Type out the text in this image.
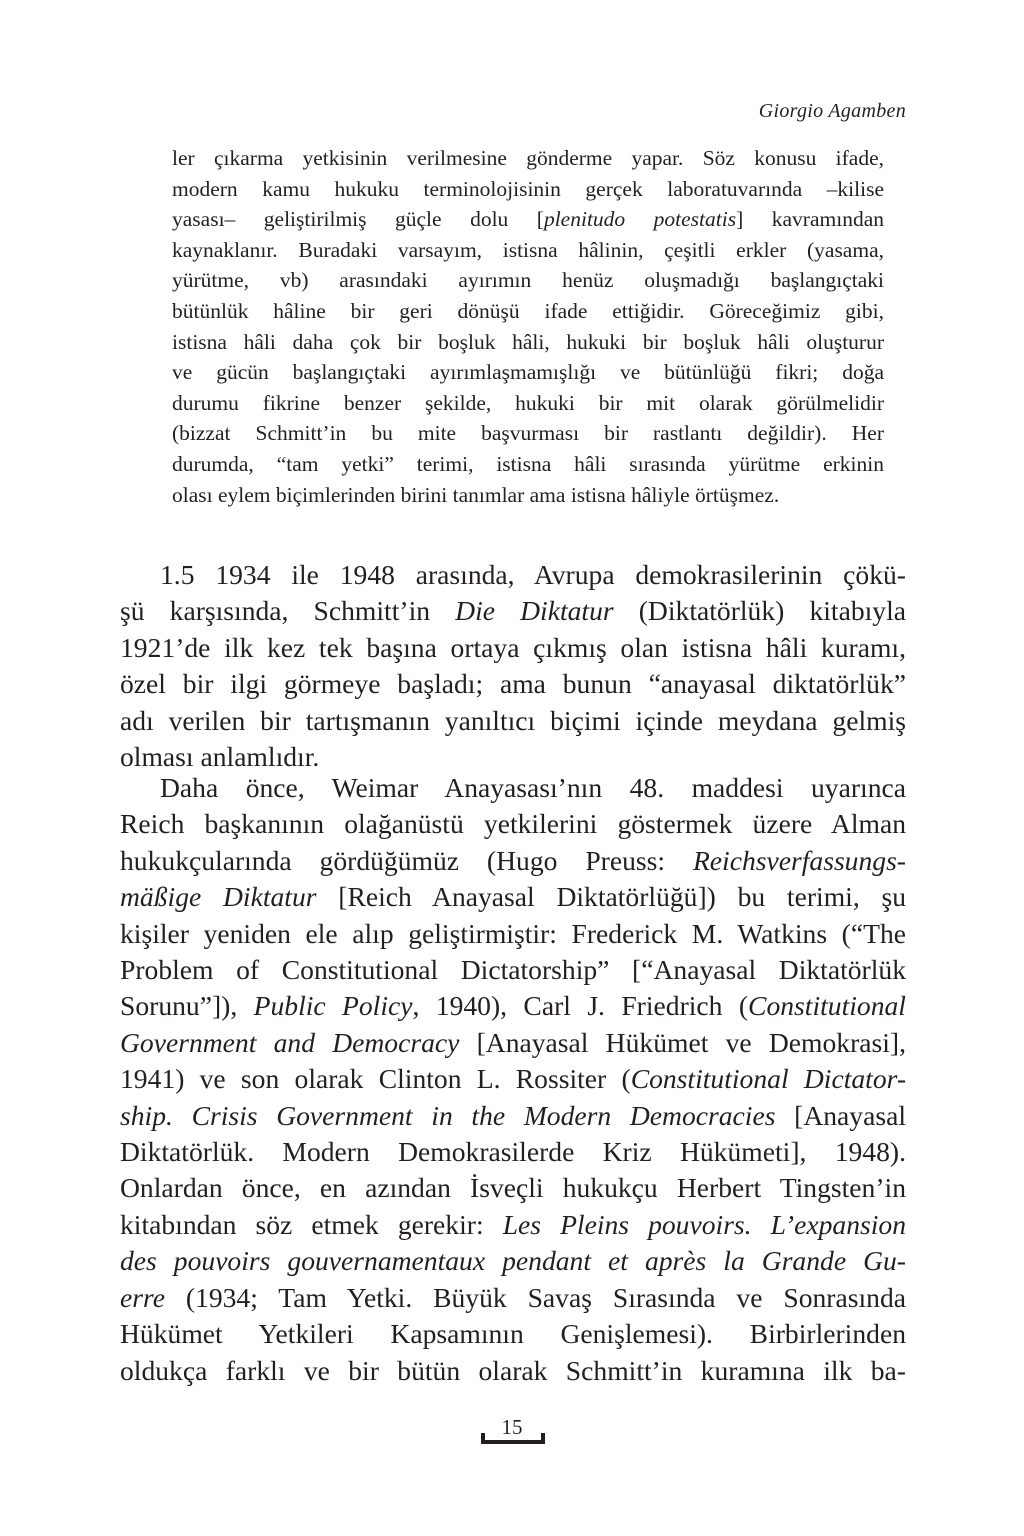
Giorgio Agamben
ler çıkarma yetkisinin verilmesine gönderme yapar. Söz konusu ifade,
modern kamu hukuku terminolojisinin gerçek laboratuvarında –kilise
yasası– geliştirilmiş güçle dolu [plenitudo potestatis] kavramından
kaynaklanır. Buradaki varsayım, istisna hâlinin, çeşitli erkler (yasama,
yürütme, vb) arasındaki ayırımın henüz oluşmadığı başlangıçtaki
bütünlük hâline bir geri dönüşü ifade ettiğidir. Göreceğimiz gibi,
istisna hâli daha çok bir boşluk hâli, hukuki bir boşluk hâli oluşturur
ve gücün başlangıçtaki ayırımlaşmamışlığı ve bütünlüğü fikri; doğa
durumu fikrine benzer şekilde, hukuki bir mit olarak görülmelidir
(bizzat Schmitt’in bu mite başvurması bir rastlantı değildir). Her
durumda, “tam yetki” terimi, istisna hâli sırasında yürütme erkinin
olası eylem biçimlerinden birini tanımlar ama istisna hâliyle örtüşmez.
1.5 1934 ile 1948 arasında, Avrupa demokrasilerinin çökü-
şü karşısında, Schmitt’in Die Diktatur (Diktatörlük) kitabıyla
1921’de ilk kez tek başına ortaya çıkmış olan istisna hâli kuramı,
özel bir ilgi görmeye başladı; ama bunun “anayasal diktatörlük”
adı verilen bir tartışmanın yanıltıcı biçimi içinde meydana gelmiş
olması anlamlıdır.
Daha önce, Weimar Anayasası’nın 48. maddesi uyarınca
Reich başkanının olağanüstü yetkilerini göstermek üzere Alman
hukukçularında gördüğümüz (Hugo Preuss: Reichsverfassungs-
mäßige Diktatur [Reich Anayasal Diktatörlüğü]) bu terimi, şu
kişiler yeniden ele alıp geliştirmiştir: Frederick M. Watkins (“The
Problem of Constitutional Dictatorship” [“Anayasal Diktatörlük
Sorunu”]), Public Policy, 1940), Carl J. Friedrich (Constitutional
Government and Democracy [Anayasal Hükümet ve Demokrasi],
1941) ve son olarak Clinton L. Rossiter (Constitutional Dictator-
ship. Crisis Government in the Modern Democracies [Anayasal
Diktatörlük. Modern Demokrasilerde Kriz Hükümeti], 1948).
Onlardan önce, en azından İsveçli hukukçu Herbert Tingsten’in
kitabından söz etmek gerekir: Les Pleins pouvoirs. L’expansion
des pouvoirs gouvernamentaux pendant et après la Grande Gu-
erre (1934; Tam Yetki. Büyük Savaş Sırasında ve Sonrasında
Hükümet Yetkileri Kapsamının Genişlemesi). Birbirlerinden
oldukça farklı ve bir bütün olarak Schmitt’in kuramına ilk ba-
15
